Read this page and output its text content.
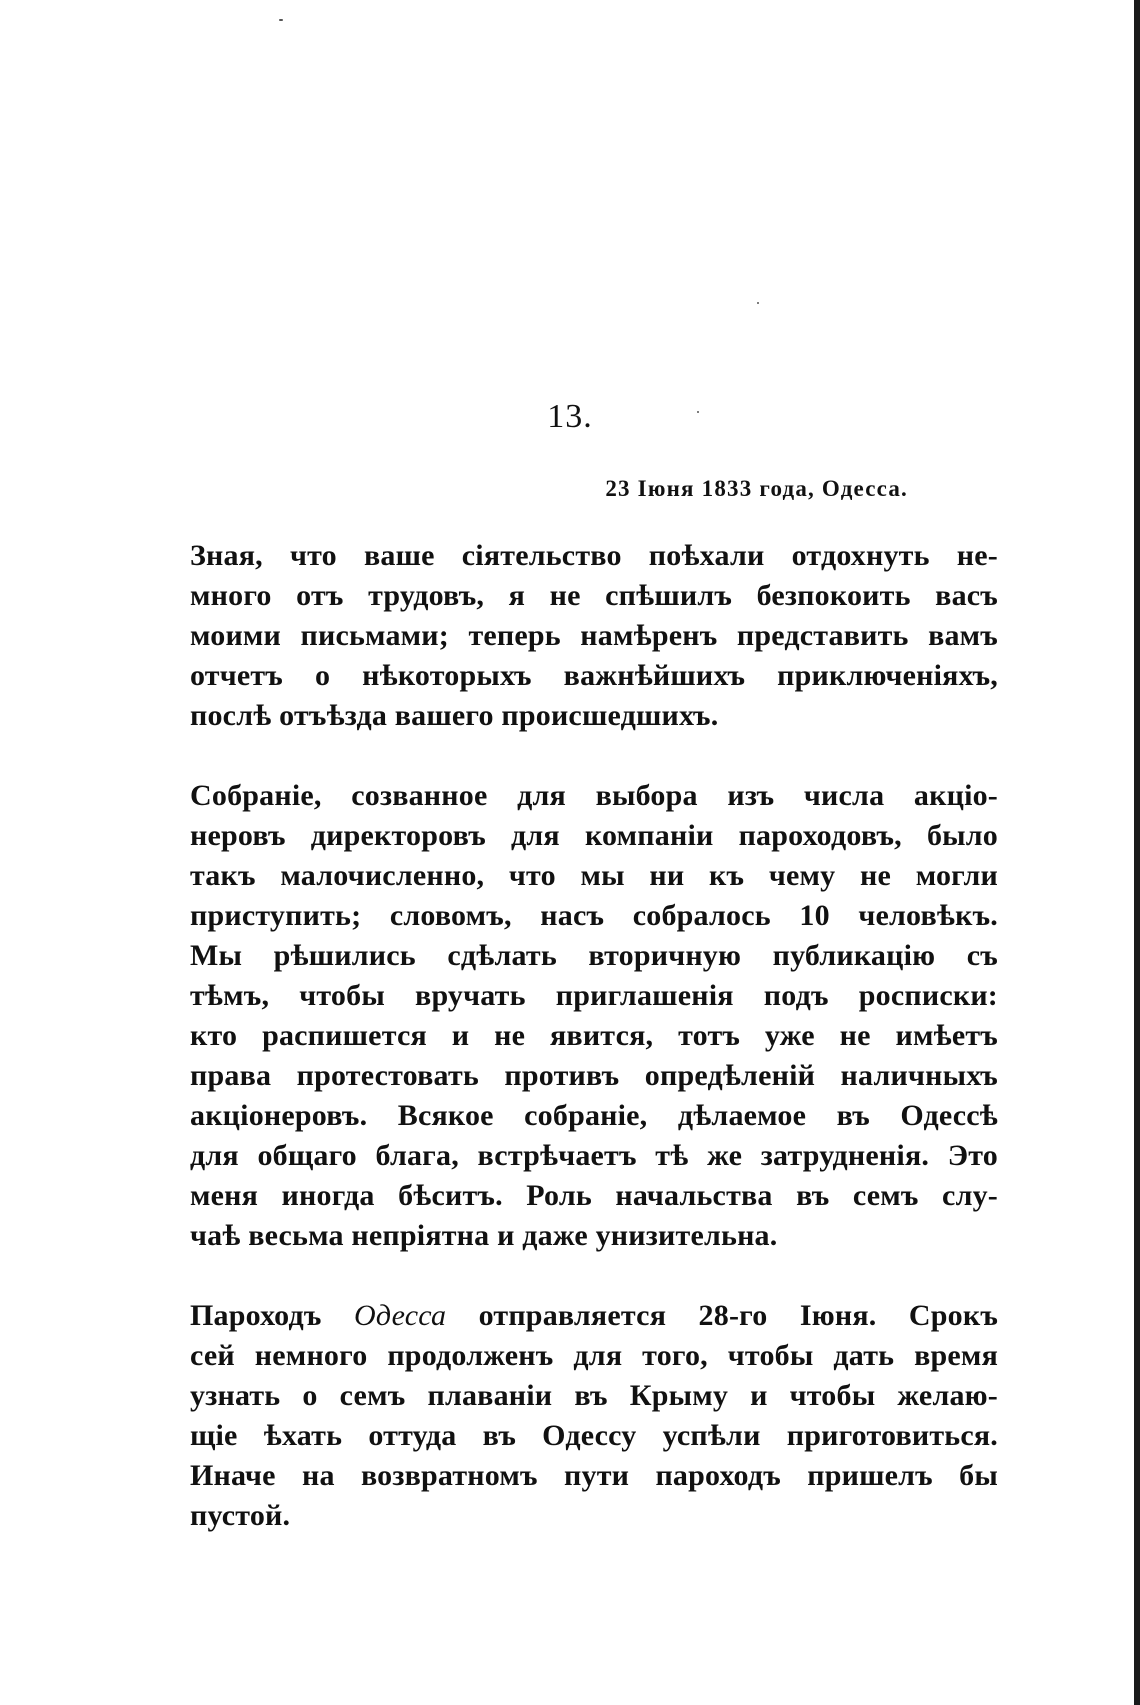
13.
23 Іюня 1833 года, Одесса.
Зная, что ваше сіятельство поѣхали отдохнуть не-
много отъ трудовъ, я не спѣшилъ безпокоить васъ
моими письмами; теперь намѣренъ представить вамъ
отчетъ о нѣкоторыхъ важнѣйшихъ приключеніяхъ,
послѣ отъѣзда вашего происшедшихъ.
Собраніе, созванное для выбора изъ числа акціо-
неровъ директоровъ для компаніи пароходовъ, было
такъ малочисленно, что мы ни къ чему не могли
приступить; словомъ, насъ собралось 10 человѣкъ.
Мы рѣшились сдѣлать вторичную публикацію съ
тѣмъ, чтобы вручать приглашенія подъ росписки:
кто распишется и не явится, тотъ уже не имѣетъ
права протестовать противъ опредѣленій наличныхъ
акціонеровъ. Всякое собраніе, дѣлаемое въ Одессѣ
для общаго блага, встрѣчаетъ тѣ же затрудненія. Это
меня иногда бѣситъ. Роль начальства въ семъ слу-
чаѣ весьма непріятна и даже унизительна.
Пароходъ Одесса отправляется 28-го Іюня. Срокъ
сей немного продолженъ для того, чтобы дать время
узнать о семъ плаваніи въ Крыму и чтобы желаю-
щіе ѣхать оттуда въ Одессу успѣли приготовиться.
Иначе на возвратномъ пути пароходъ пришелъ бы
пустой.
